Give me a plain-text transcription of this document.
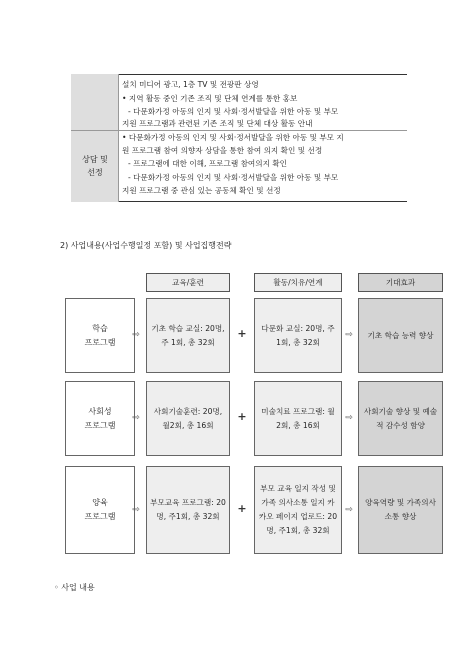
상담 및
선정
설치 미디어 광고, 1층 TV 및 전광판 상영
• 지역 활동 중인 기존 조직 및 단체 연계를 통한 홍보
- 다문화가정 아동의 인지 및 사회·정서발달을 위한 아동 및 부모
지원 프로그램과 관련된 기존 조직 및 단체 대상 활동 안내
• 다문화가정 아동의 인지 및 사회·정서발달을 위한 아동 및 부모 지
원 프로그램 참여 의향자 상담을 통한 참여 의지 확인 및 선정
- 프로그램에 대한 이해, 프로그램 참여의지 확인
- 다문화가정 아동의 인지 및 사회·정서발달을 위한 아동 및 부모
지원 프로그램 중 관심 있는 공동체 확인 및 선정
2) 사업내용(사업수행일정 포함) 및 사업집행전략
교육/훈련	활동/치유/연계	기대효과
학습
프로그램
⇨
기초 학습 교실: 20명, 주 1회, 총 32회
+	다문화 교실: 20명, 주 1회, 총 32회
⇨ 기초 학습 능력 향상
사회성
프로그램
⇨
사회기술훈련: 20명, 월2회, 총 16회
+	미술치료 프로그램: 월 2회, 총 16회
⇨
사회기술 향상 및 예술적 감수성 함양
양육
프로그램
⇨
부모교육 프로그램: 20명, 주1회, 총 32회
+
부모 교육 일지 작성 및 가족 의사소통 일지 카카오 페이지 업로드: 20명, 주1회, 총 32회
⇨
양육역량 및 가족의사소통 향상
◦ 사업 내용
